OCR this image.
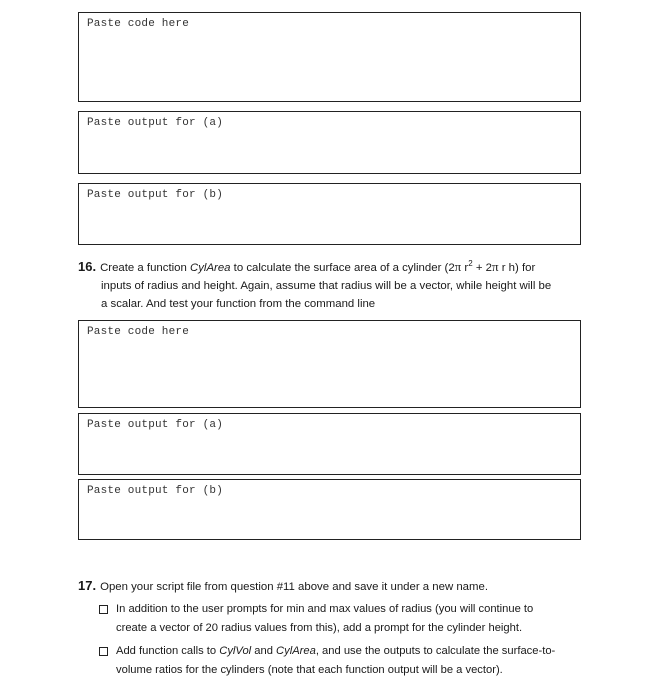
Paste code here
Paste output for (a)
Paste output for (b)
16. Create a function CylArea to calculate the surface area of a cylinder (2π $r^2 + 2\pi$ r h) for
inputs of radius and height. Again, assume that radius will be a vector, while height will be
a scalar. And test your function from the command line
Paste code here
Paste output for (a)
Paste output for (b)
17. Open your script file from question #11 above and save it under a new name.
In addition to the user prompts for min and max values of radius (you will continue to
create a vector of 20 radius values from this), add a prompt for the cylinder height.
Add function calls to CylVol and CylArea, and use the outputs to calculate the surface-to-
volume ratios for the cylinders (note that each function output will be a vector).
